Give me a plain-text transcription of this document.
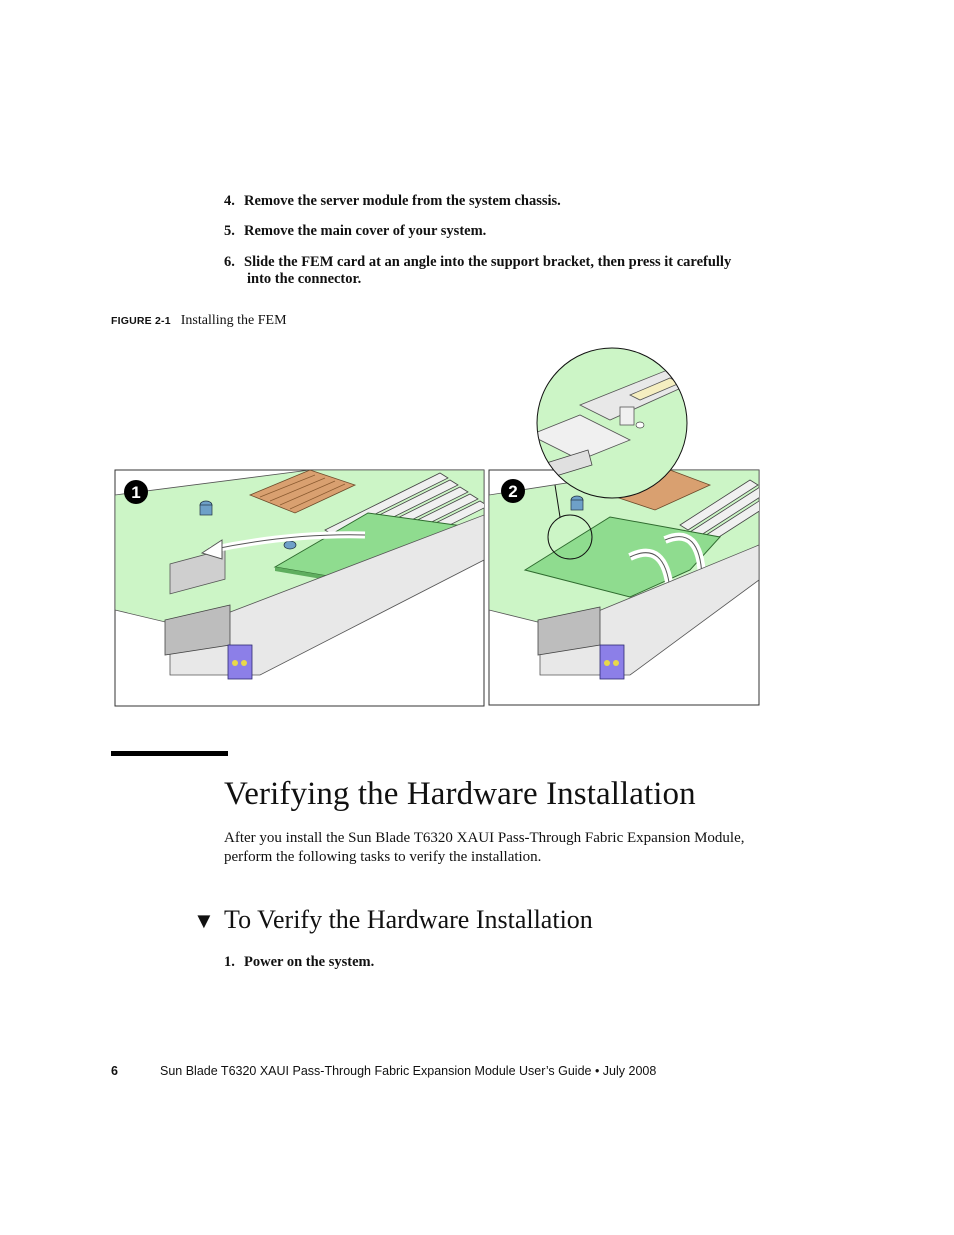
4. Remove the server module from the system chassis.
5. Remove the main cover of your system.
6. Slide the FEM card at an angle into the support bracket, then press it carefully
into the connector.
FIGURE 2-1 Installing the FEM
1	2
Verifying the Hardware Installation
After you install the Sun Blade T6320 XAUI Pass-Through Fabric Expansion Module,
perform the following tasks to verify the installation.
▼ To Verify the Hardware Installation
1. Power on the system.
6	Sun Blade T6320 XAUI Pass-Through Fabric Expansion Module User’s Guide • July 2008
